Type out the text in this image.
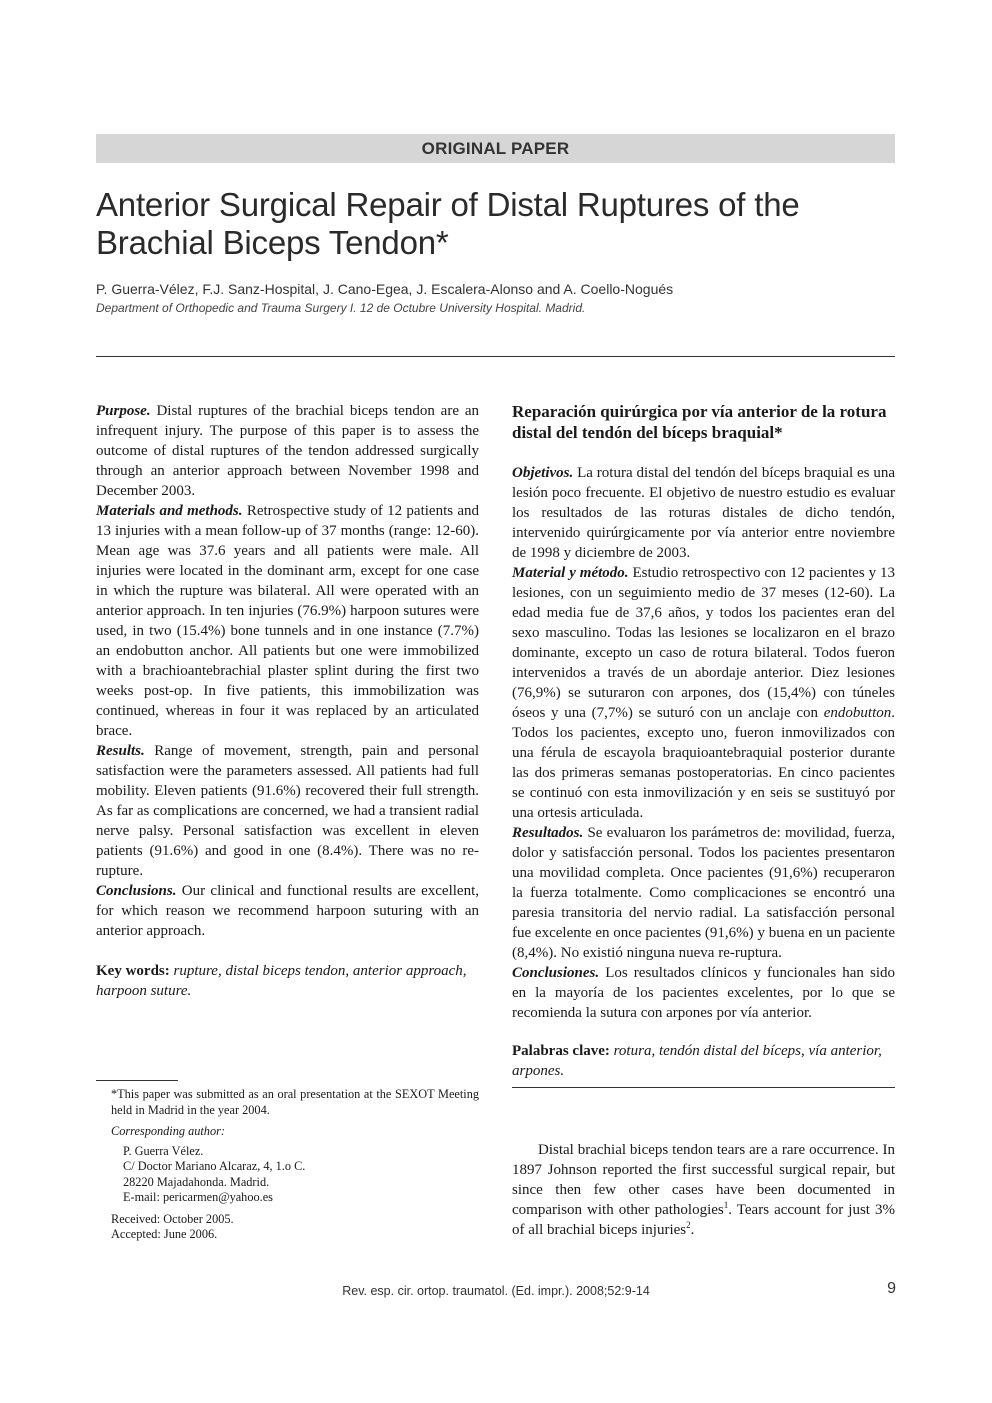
ORIGINAL PAPER
Anterior Surgical Repair of Distal Ruptures of the Brachial Biceps Tendon*
P. Guerra-Vélez, F.J. Sanz-Hospital, J. Cano-Egea, J. Escalera-Alonso and A. Coello-Nogués
Department of Orthopedic and Trauma Surgery I. 12 de Octubre University Hospital. Madrid.

Purpose. Distal ruptures of the brachial biceps tendon are an infrequent injury. The purpose of this paper is to assess the outcome of distal ruptures of the tendon addressed surgically through an anterior approach between November 1998 and December 2003.

Materials and methods. Retrospective study of 12 patients and 13 injuries with a mean follow-up of 37 months (range: 12-60). Mean age was 37.6 years and all patients were male. All injuries were located in the dominant arm, except for one case in which the rupture was bilateral. All were operated with an anterior approach. In ten injuries (76.9%) harpoon sutures were used, in two (15.4%) bone tunnels and in one instance (7.7%) an endobutton anchor. All patients but one were immobilized with a brachioantebrachial plaster splint during the first two weeks post-op. In five patients, this immobilization was continued, whereas in four it was replaced by an articulated brace.

Results. Range of movement, strength, pain and personal satisfaction were the parameters assessed. All patients had full mobility. Eleven patients (91.6%) recovered their full strength. As far as complications are concerned, we had a transient radial nerve palsy. Personal satisfaction was excellent in eleven patients (91.6%) and good in one (8.4%). There was no re-rupture.

Conclusions. Our clinical and functional results are excellent, for which reason we recommend harpoon suturing with an anterior approach.

Key words: rupture, distal biceps tendon, anterior approach, harpoon suture.
Reparación quirúrgica por vía anterior de la rotura distal del tendón del bíceps braquial*

Objetivos. La rotura distal del tendón del bíceps braquial es una lesión poco frecuente. El objetivo de nuestro estudio es evaluar los resultados de las roturas distales de dicho tendón, intervenido quirúrgicamente por vía anterior entre noviembre de 1998 y diciembre de 2003.

Material y método. Estudio retrospectivo con 12 pacientes y 13 lesiones, con un seguimiento medio de 37 meses (12-60). La edad media fue de 37,6 años, y todos los pacientes eran del sexo masculino. Todas las lesiones se localizaron en el brazo dominante, excepto un caso de rotura bilateral. Todos fueron intervenidos a través de un abordaje anterior. Diez lesiones (76,9%) se suturaron con arpones, dos (15,4%) con túneles óseos y una (7,7%) se suturó con un anclaje con endobutton. Todos los pacientes, excepto uno, fueron inmovilizados con una férula de escayola braquioantebraquial posterior durante las dos primeras semanas postoperatorias. En cinco pacientes se continuó con esta inmovilización y en seis se sustituyó por una ortesis articulada.

Resultados. Se evaluaron los parámetros de: movilidad, fuerza, dolor y satisfacción personal. Todos los pacientes presentaron una movilidad completa. Once pacientes (91,6%) recuperaron la fuerza totalmente. Como complicaciones se encontró una paresia transitoria del nervio radial. La satisfacción personal fue excelente en once pacientes (91,6%) y buena en un paciente (8,4%). No existió ninguna nueva re-ruptura.

Conclusiones. Los resultados clínicos y funcionales han sido en la mayoría de los pacientes excelentes, por lo que se recomienda la sutura con arpones por vía anterior.

Palabras clave: rotura, tendón distal del bíceps, vía anterior, arpones.

*This paper was submitted as an oral presentation at the SEXOT Meeting held in Madrid in the year 2004.

Corresponding author:

P. Guerra Vélez.
C/ Doctor Mariano Alcaraz, 4, 1.o C.
28220 Majadahonda. Madrid.
E-mail: pericarmen@yahoo.es
Received: October 2005.
Accepted: June 2006.

Distal brachial biceps tendon tears are a rare occurrence. In 1897 Johnson reported the first successful surgical repair, but since then few other cases have been documented in comparison with other pathologies$^1$. Tears account for just 3% of all brachial biceps injuries$^2$.

Rev. esp. cir. ortop. traumatol. (Ed. impr.). 2008;52:9-14	9
